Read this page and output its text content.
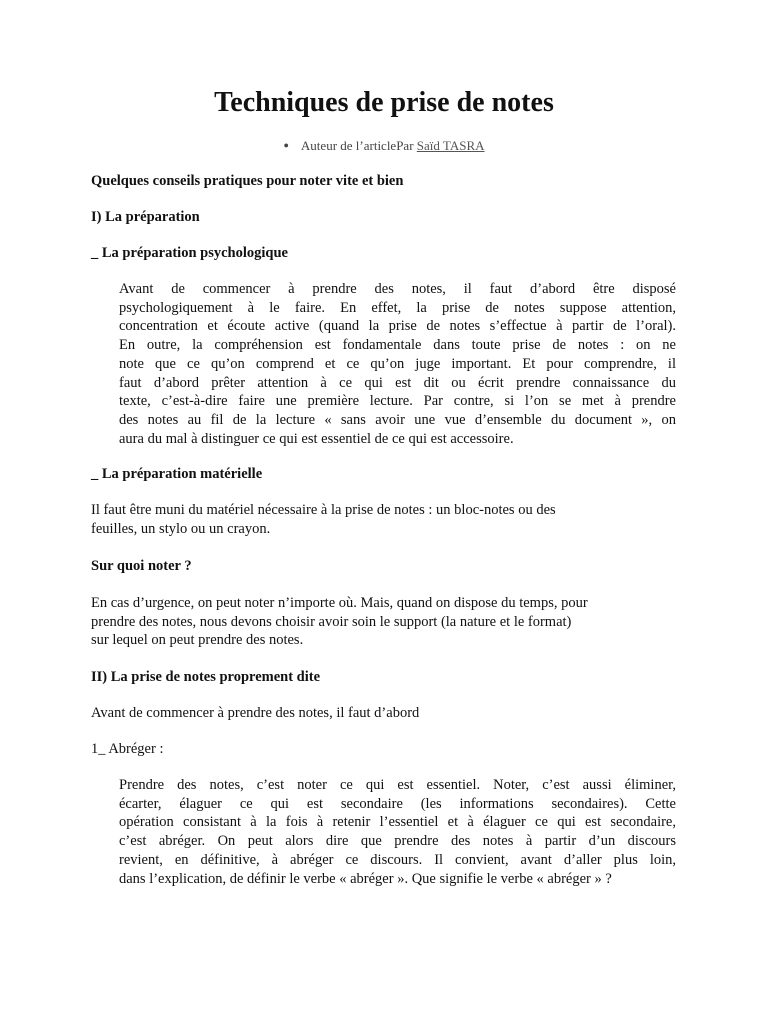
Techniques de prise de notes
● Auteur de l’articlePar Saïd TASRA
Quelques conseils pratiques pour noter vite et bien
I) La préparation
_ La préparation psychologique
Avant de commencer à prendre des notes, il faut d’abord être disposé
psychologiquement à le faire. En effet, la prise de notes suppose attention,
concentration et écoute active (quand la prise de notes s’effectue à partir de l’oral).
En outre, la compréhension est fondamentale dans toute prise de notes : on ne
note que ce qu’on comprend et ce qu’on juge important. Et pour comprendre, il
faut d’abord prêter attention à ce qui est dit ou écrit prendre connaissance du
texte, c’est-à-dire faire une première lecture. Par contre, si l’on se met à prendre
des notes au fil de la lecture « sans avoir une vue d’ensemble du document », on
aura du mal à distinguer ce qui est essentiel de ce qui est accessoire.
_ La préparation matérielle
Il faut être muni du matériel nécessaire à la prise de notes : un bloc-notes ou des
feuilles, un stylo ou un crayon.
Sur quoi noter ?
En cas d’urgence, on peut noter n’importe où. Mais, quand on dispose du temps, pour
prendre des notes, nous devons choisir avoir soin le support (la nature et le format)
sur lequel on peut prendre des notes.
II) La prise de notes proprement dite
Avant de commencer à prendre des notes, il faut d’abord
1_ Abréger :
Prendre des notes, c’est noter ce qui est essentiel. Noter, c’est aussi éliminer,
écarter, élaguer ce qui est secondaire (les informations secondaires). Cette
opération consistant à la fois à retenir l’essentiel et à élaguer ce qui est secondaire,
c’est abréger. On peut alors dire que prendre des notes à partir d’un discours
revient, en définitive, à abréger ce discours. Il convient, avant d’aller plus loin,
dans l’explication, de définir le verbe « abréger ». Que signifie le verbe « abréger » ?
